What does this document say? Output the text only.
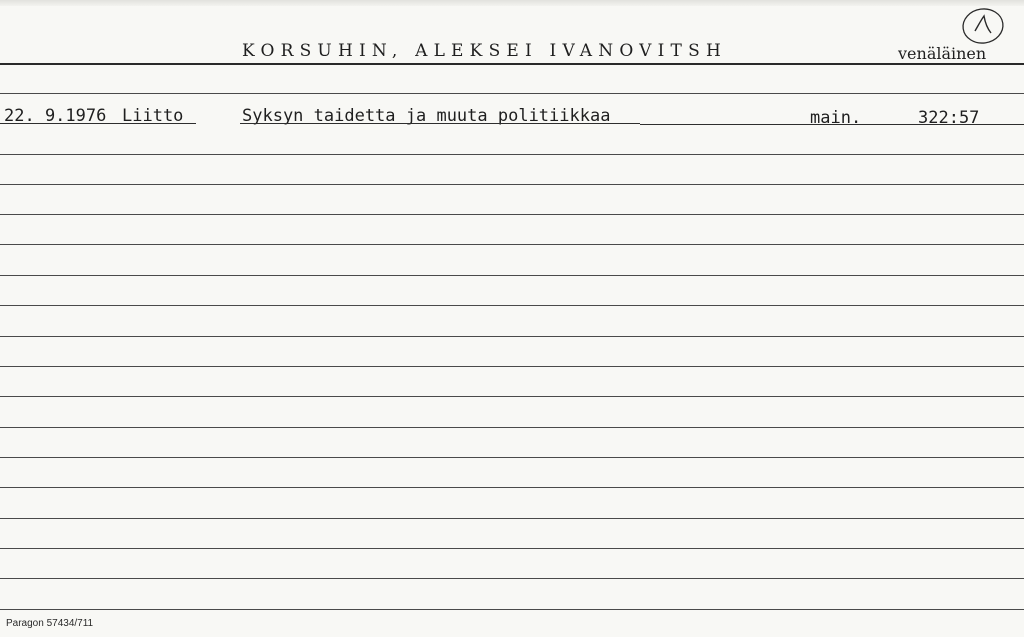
KORSUHIN, ALEKSEI IVANOVITSH	venäläinen
1
22. 9.1976 Liitto	Syksyn taidetta ja muuta politiikkaa	main.	322:57
Paragon 57434/711
